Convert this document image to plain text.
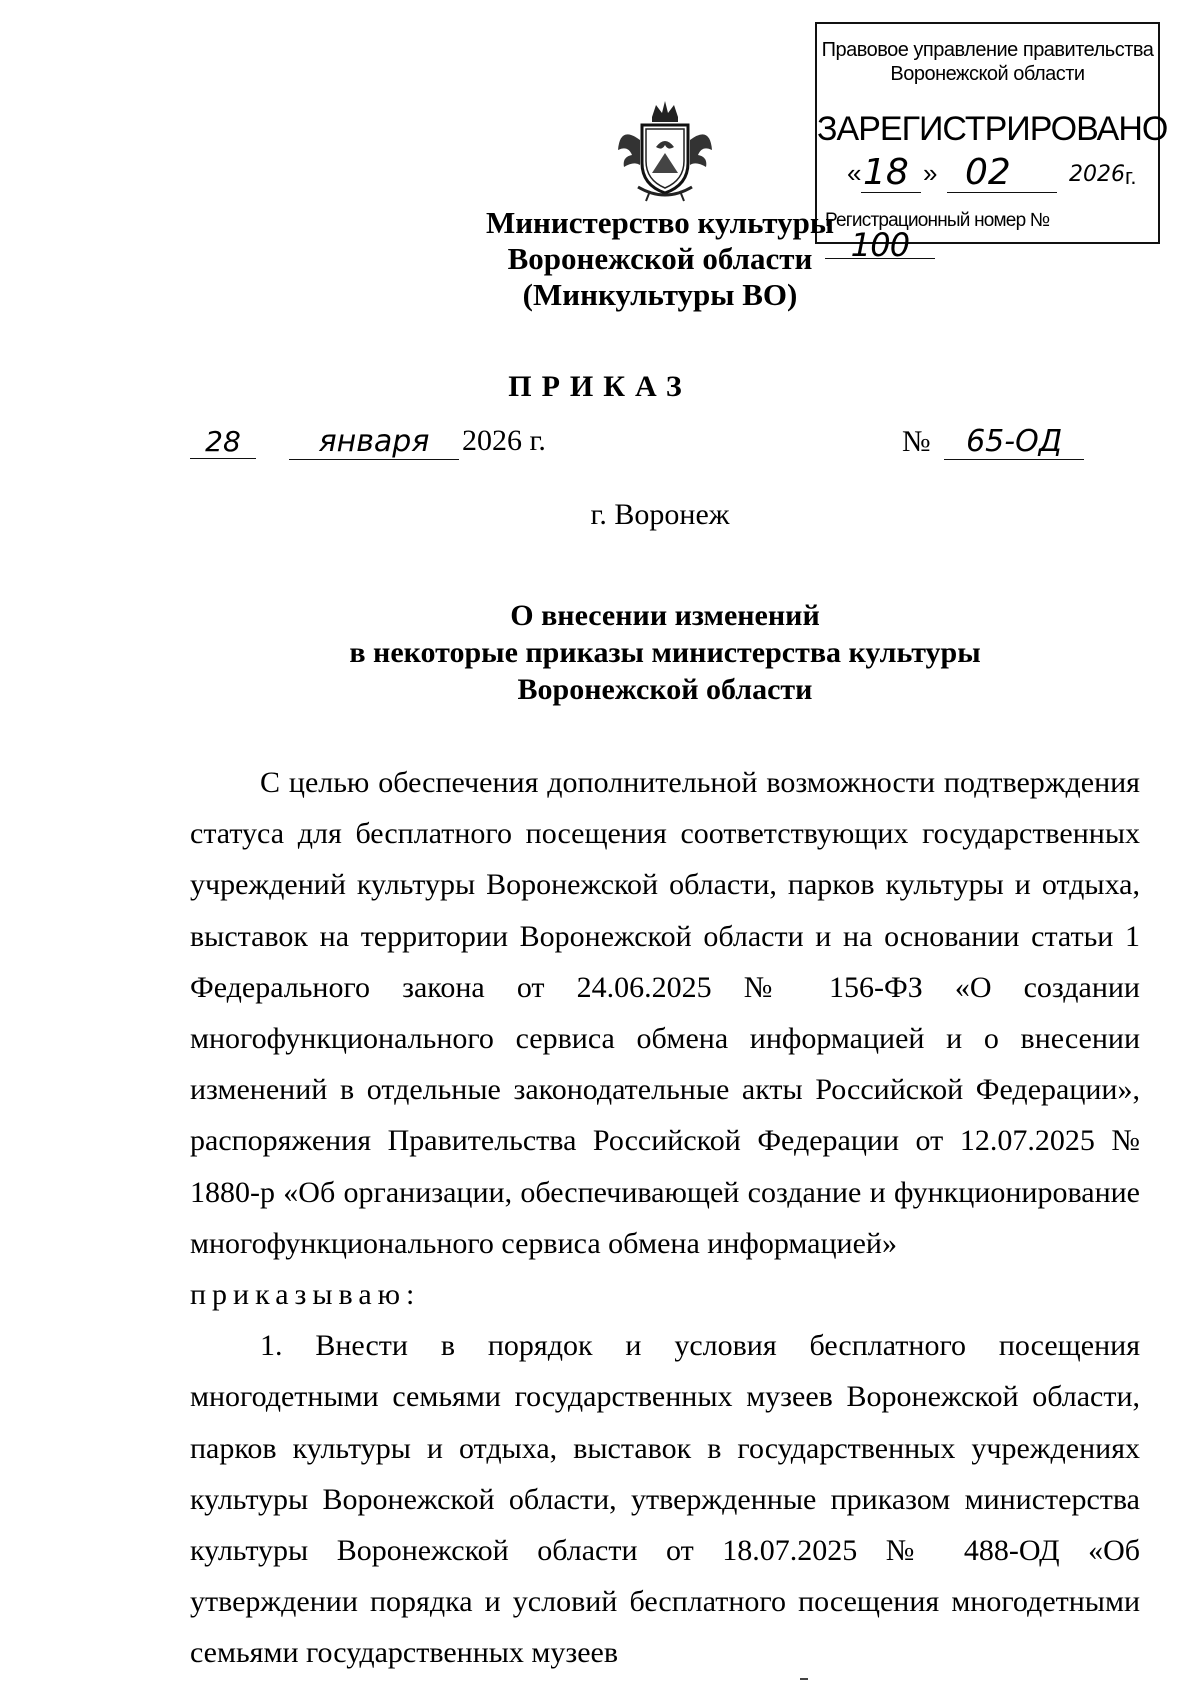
Правовое управление правительства
Воронежской области
ЗАРЕГИСТРИРОВАНО
« 18 » 02	2026 г.
Регистрационный номер № 100
Министерство культуры
Воронежской области
(Минкультуры ВО)
ПРИКАЗ
28	января	2026 г.	№ 65-ОД
г. Воронеж
О внесении изменений
в некоторые приказы министерства культуры
Воронежской области

С целью обеспечения дополнительной возможности подтверждения статуса для бесплатного посещения соответствующих государственных учреждений культуры Воронежской области, парков культуры и отдыха, выставок на территории Воронежской области и на основании статьи 1 Федерального закона от 24.06.2025 № 156-ФЗ «О создании многофункционального сервиса обмена информацией и о внесении изменений в отдельные законодательные акты Российской Федерации», распоряжения Правительства Российской Федерации от 12.07.2025 № 1880-р «Об организации, обеспечивающей создание и функционирование многофункционального сервиса обмена информацией»

приказываю:

1. Внести в порядок и условия бесплатного посещения многодетными семьями государственных музеев Воронежской области, парков культуры и отдыха, выставок в государственных учреждениях культуры Воронежской области, утвержденные приказом министерства культуры Воронежской области от 18.07.2025 № 488-ОД «Об утверждении порядка и условий бесплатного посещения многодетными семьями государственных музеев
